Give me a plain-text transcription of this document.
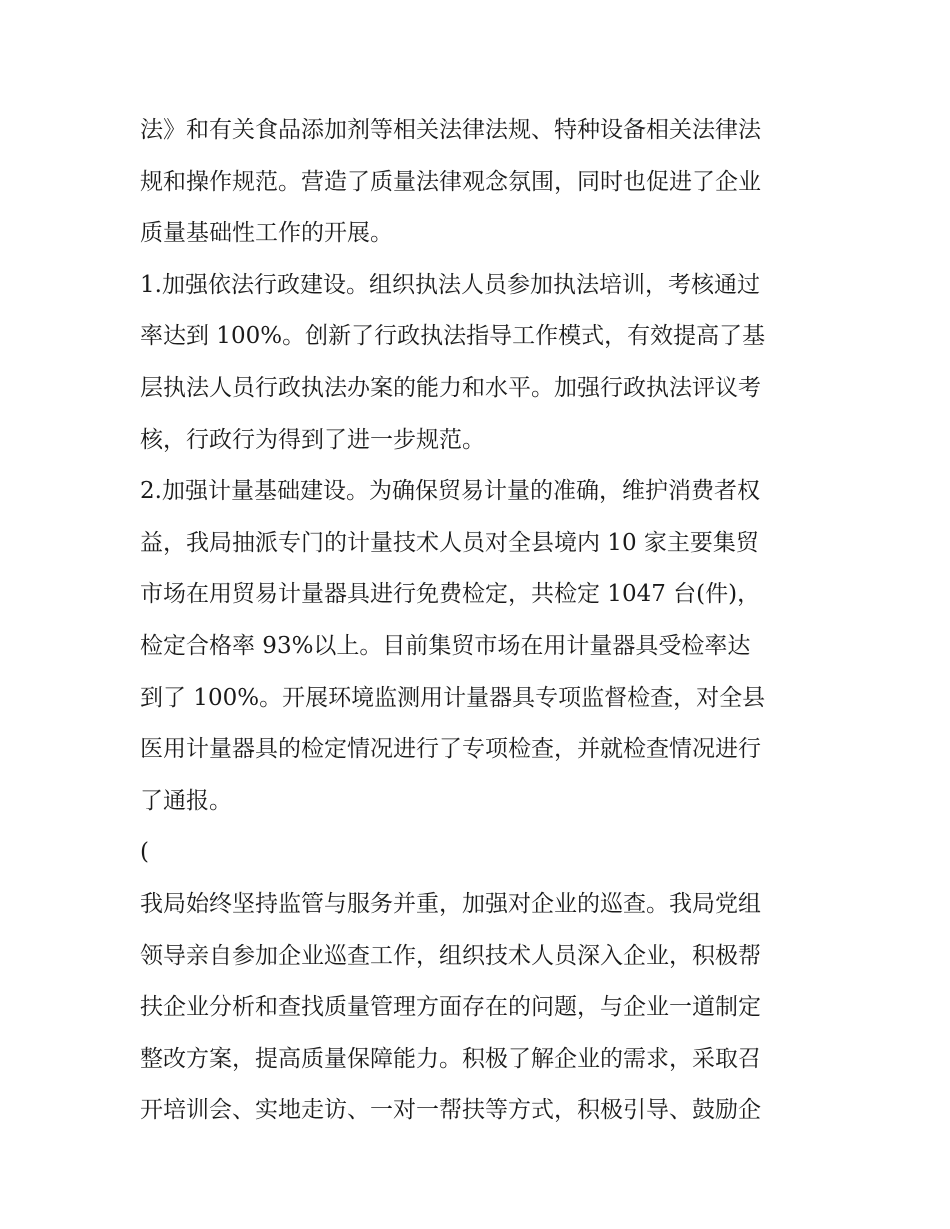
法》和有关食品添加剂等相关法律法规、特种设备相关法律法
规和操作规范。营造了质量法律观念氛围，同时也促进了企业
质量基础性工作的开展。
1.加强依法行政建设。组织执法人员参加执法培训，考核通过
率达到 100%。创新了行政执法指导工作模式，有效提高了基
层执法人员行政执法办案的能力和水平。加强行政执法评议考
核，行政行为得到了进一步规范。
2.加强计量基础建设。为确保贸易计量的准确，维护消费者权
益，我局抽派专门的计量技术人员对全县境内 10 家主要集贸
市场在用贸易计量器具进行免费检定，共检定 1047 台(件)，
检定合格率 93%以上。目前集贸市场在用计量器具受检率达
到了 100%。开展环境监测用计量器具专项监督检查，对全县
医用计量器具的检定情况进行了专项检查，并就检查情况进行
了通报。
(
我局始终坚持监管与服务并重，加强对企业的巡查。我局党组
领导亲自参加企业巡查工作，组织技术人员深入企业，积极帮
扶企业分析和查找质量管理方面存在的问题，与企业一道制定
整改方案，提高质量保障能力。积极了解企业的需求，采取召
开培训会、实地走访、一对一帮扶等方式，积极引导、鼓励企
